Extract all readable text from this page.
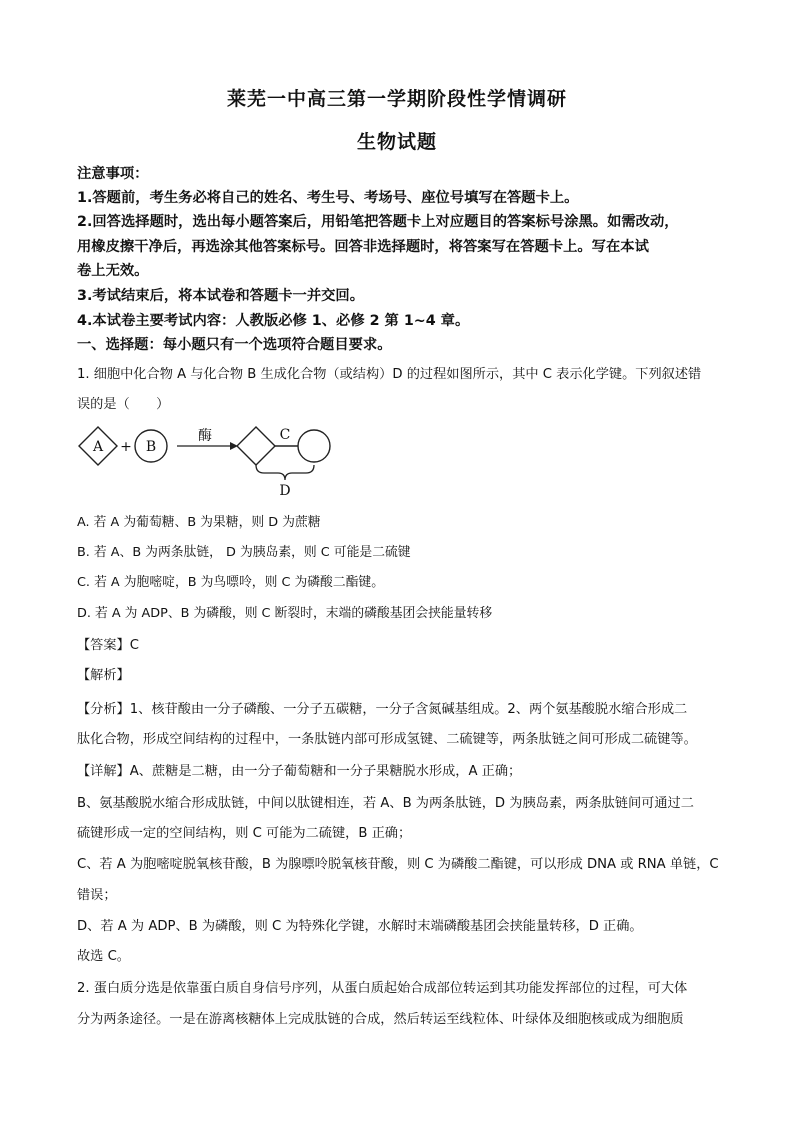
莱芜一中高三第一学期阶段性学情调研
生物试题
注意事项：
1.答题前，考生务必将自己的姓名、考生号、考场号、座位号填写在答题卡上。
2.回答选择题时，选出每小题答案后，用铅笔把答题卡上对应题目的答案标号涂黑。如需改动，
用橡皮擦干净后，再选涂其他答案标号。回答非选择题时，将答案写在答题卡上。写在本试
卷上无效。
3.考试结束后，将本试卷和答题卡一并交回。
4.本试卷主要考试内容：人教版必修 1、必修 2 第 1~4 章。
一、选择题：每小题只有一个选项符合题目要求。
1. 细胞中化合物 A 与化合物 B 生成化合物（或结构）D 的过程如图所示，其中 C 表示化学键。下列叙述错
误的是（　　）
A + B
酶	C
D
A. 若 A 为葡萄糖、B 为果糖，则 D 为蔗糖
B. 若 A、B 为两条肽链， D 为胰岛素，则 C 可能是二硫键
C. 若 A 为胞嘧啶，B 为鸟嘌呤，则 C 为磷酸二酯键。
D. 若 A 为 ADP、B 为磷酸，则 C 断裂时，末端的磷酸基团会挟能量转移
【答案】C
【解析】
【分析】1、核苷酸由一分子磷酸、一分子五碳糖，一分子含氮碱基组成。2、两个氨基酸脱水缩合形成二
肽化合物，形成空间结构的过程中，一条肽链内部可形成氢键、二硫键等，两条肽链之间可形成二硫键等。
【详解】A、蔗糖是二糖，由一分子葡萄糖和一分子果糖脱水形成，A 正确；
B、氨基酸脱水缩合形成肽链，中间以肽键相连，若 A、B 为两条肽链，D 为胰岛素，两条肽链间可通过二
硫键形成一定的空间结构，则 C 可能为二硫键，B 正确；
C、若 A 为胞嘧啶脱氧核苷酸，B 为腺嘌呤脱氧核苷酸，则 C 为磷酸二酯键，可以形成 DNA 或 RNA 单链，C
错误；
D、若 A 为 ADP、B 为磷酸，则 C 为特殊化学键，水解时末端磷酸基团会挟能量转移，D 正确。
故选 C。
2. 蛋白质分选是依靠蛋白质自身信号序列，从蛋白质起始合成部位转运到其功能发挥部位的过程，可大体
分为两条途径。一是在游离核糖体上完成肽链的合成，然后转运至线粒体、叶绿体及细胞核或成为细胞质
